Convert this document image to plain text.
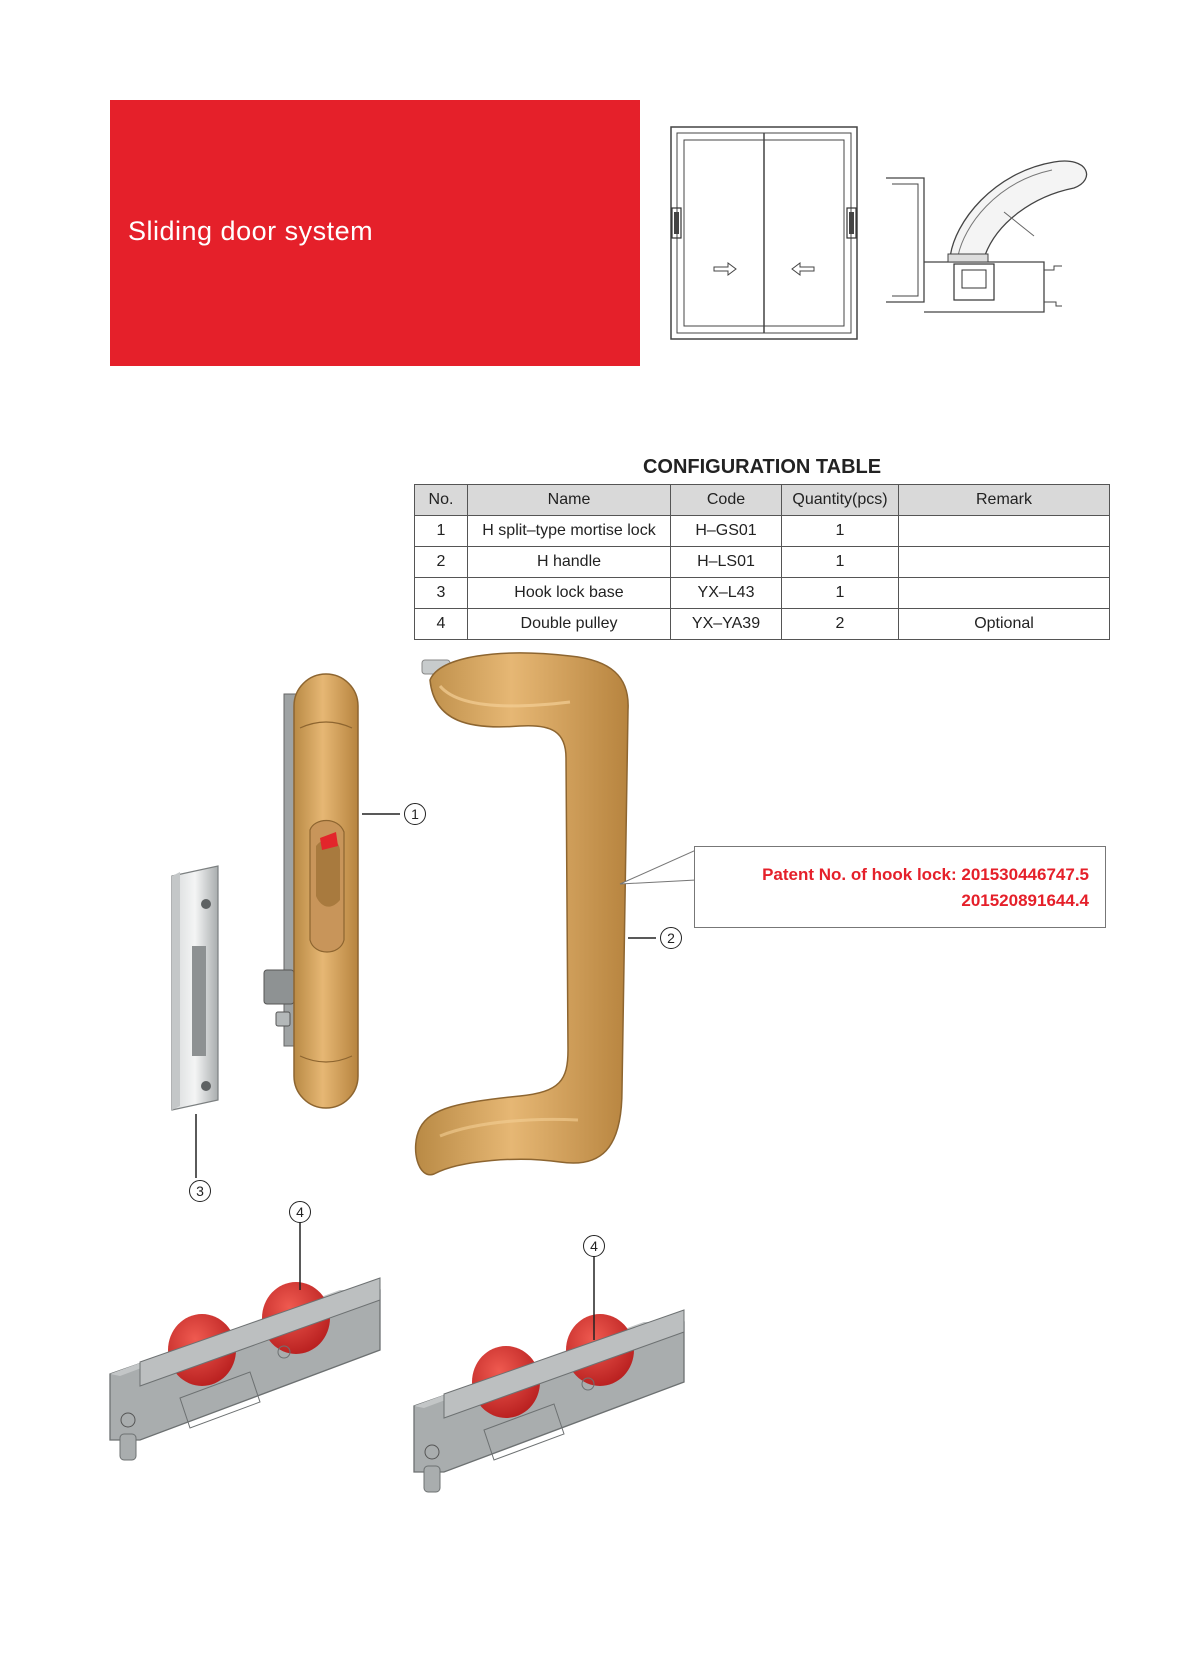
Sliding door system
CONFIGURATION TABLE
No.	Name	Code	Quantity(pcs)	Remark
1	H split–type mortise lock	H–GS01	1	
2	H handle	H–LS01	1	
3	Hook lock base	YX–L43	1	
4	Double pulley	YX–YA39	2	Optional
1
2
3
4
4
Patent No. of hook lock: 201530446747.5
201520891644.4
